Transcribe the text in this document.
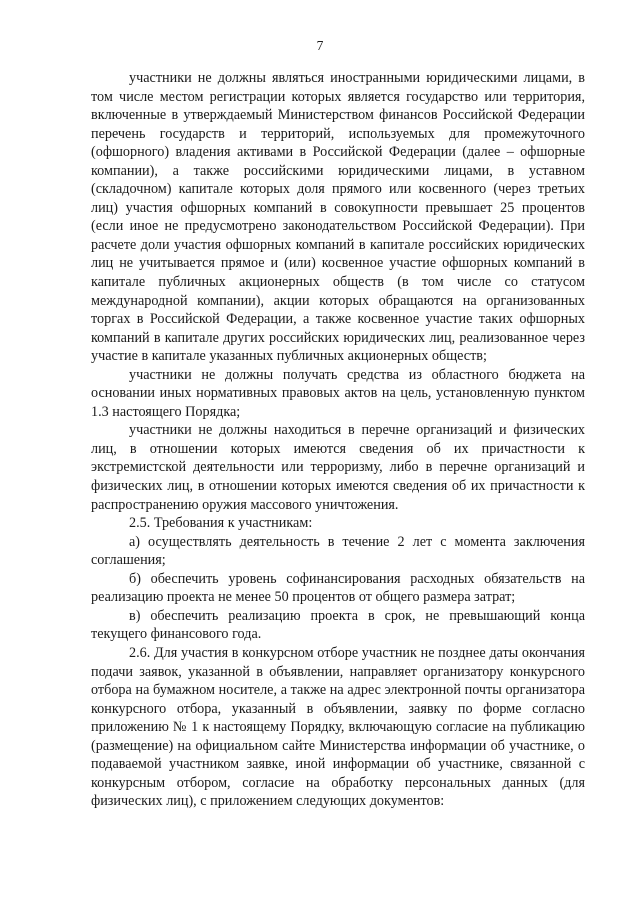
7

участники не должны являться иностранными юридическими лицами, в том числе местом регистрации которых является государство или территория, включенные в утверждаемый Министерством финансов Российской Федерации перечень государств и территорий, используемых для промежуточного (офшорного) владения активами в Российской Федерации (далее – офшорные компании), а также российскими юридическими лицами, в уставном (складочном) капитале которых доля прямого или косвенного (через третьих лиц) участия офшорных компаний в совокупности превышает 25 процентов (если иное не предусмотрено законодательством Российской Федерации). При расчете доли участия офшорных компаний в капитале российских юридических лиц не учитывается прямое и (или) косвенное участие офшорных компаний в капитале публичных акционерных обществ (в том числе со статусом международной компании), акции которых обращаются на организованных торгах в Российской Федерации, а также косвенное участие таких офшорных компаний в капитале других российских юридических лиц, реализованное через участие в капитале указанных публичных акционерных обществ;

участники не должны получать средства из областного бюджета на основании иных нормативных правовых актов на цель, установленную пунктом 1.3 настоящего Порядка;

участники не должны находиться в перечне организаций и физических лиц, в отношении которых имеются сведения об их причастности к экстремистской деятельности или терроризму, либо в перечне организаций и физических лиц, в отношении которых имеются сведения об их причастности к распространению оружия массового уничтожения.

2.5. Требования к участникам:

а) осуществлять деятельность в течение 2 лет с момента заключения соглашения;

б) обеспечить уровень софинансирования расходных обязательств на реализацию проекта не менее 50 процентов от общего размера затрат;

в) обеспечить реализацию проекта в срок, не превышающий конца текущего финансового года.

2.6. Для участия в конкурсном отборе участник не позднее даты окончания подачи заявок, указанной в объявлении, направляет организатору конкурсного отбора на бумажном носителе, а также на адрес электронной почты организатора конкурсного отбора, указанный в объявлении, заявку по форме согласно приложению № 1 к настоящему Порядку, включающую согласие на публикацию (размещение) на официальном сайте Министерства информации об участнике, о подаваемой участником заявке, иной информации об участнике, связанной с конкурсным отбором, согласие на обработку персональных данных (для физических лиц), с приложением следующих документов:
